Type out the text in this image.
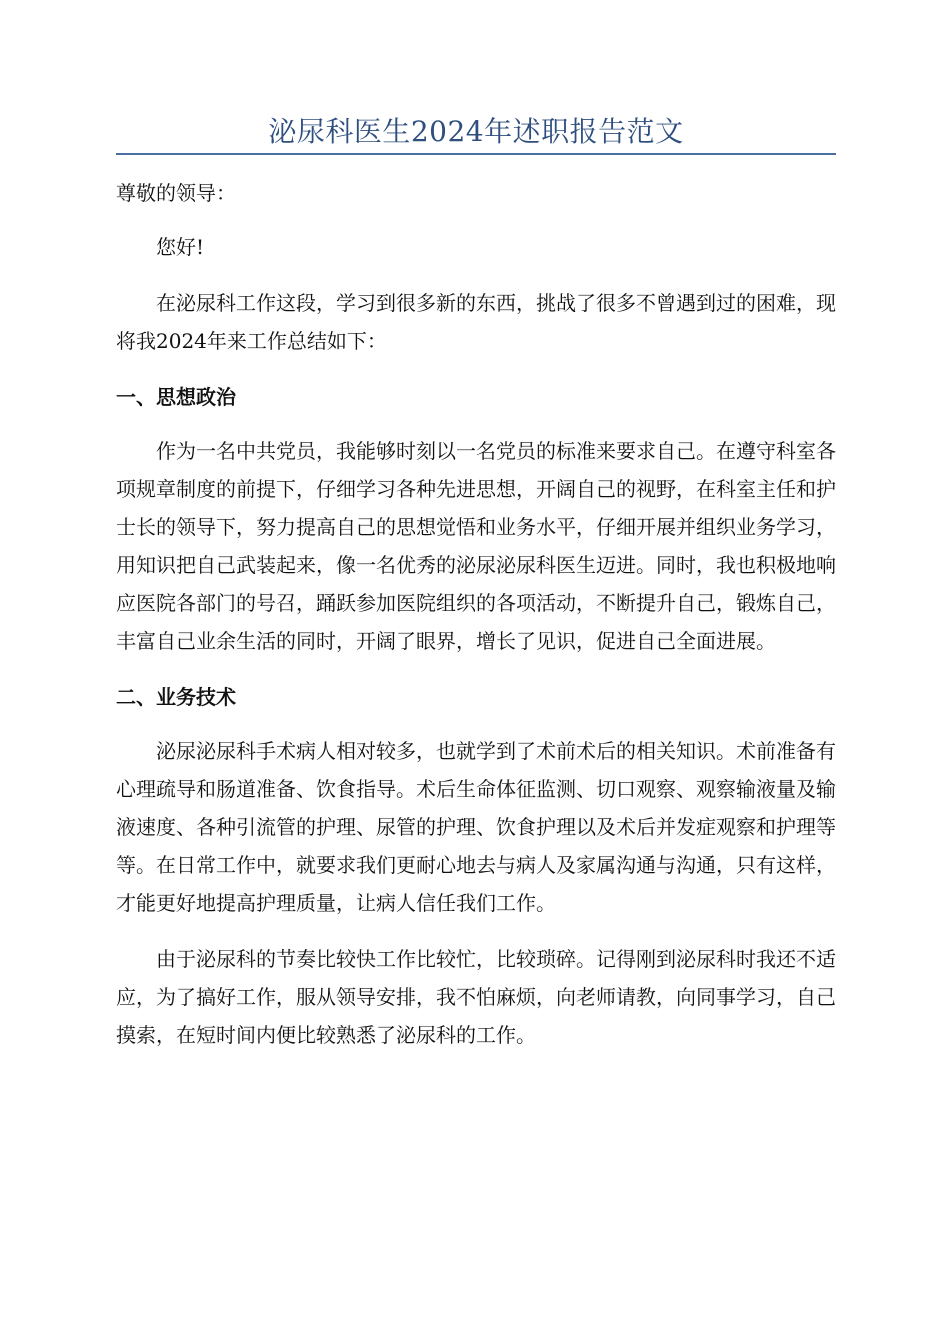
泌尿科医生2024年述职报告范文

尊敬的领导：

您好!

在泌尿科工作这段，学习到很多新的东西，挑战了很多不曾遇到过的困难，现将我2024年来工作总结如下：

一、思想政治

作为一名中共党员，我能够时刻以一名党员的标准来要求自己。在遵守科室各项规章制度的前提下，仔细学习各种先进思想，开阔自己的视野，在科室主任和护士长的领导下，努力提高自己的思想觉悟和业务水平，仔细开展并组织业务学习，用知识把自己武装起来，像一名优秀的泌尿泌尿科医生迈进。同时，我也积极地响应医院各部门的号召，踊跃参加医院组织的各项活动，不断提升自己，锻炼自己，丰富自己业余生活的同时，开阔了眼界，增长了见识，促进自己全面进展。

二、业务技术

泌尿泌尿科手术病人相对较多，也就学到了术前术后的相关知识。术前准备有心理疏导和肠道准备、饮食指导。术后生命体征监测、切口观察、观察输液量及输液速度、各种引流管的护理、尿管的护理、饮食护理以及术后并发症观察和护理等等。在日常工作中，就要求我们更耐心地去与病人及家属沟通与沟通，只有这样，才能更好地提高护理质量，让病人信任我们工作。

由于泌尿科的节奏比较快工作比较忙，比较琐碎。记得刚到泌尿科时我还不适应，为了搞好工作，服从领导安排，我不怕麻烦，向老师请教，向同事学习，自己摸索，在短时间内便比较熟悉了泌尿科的工作。
